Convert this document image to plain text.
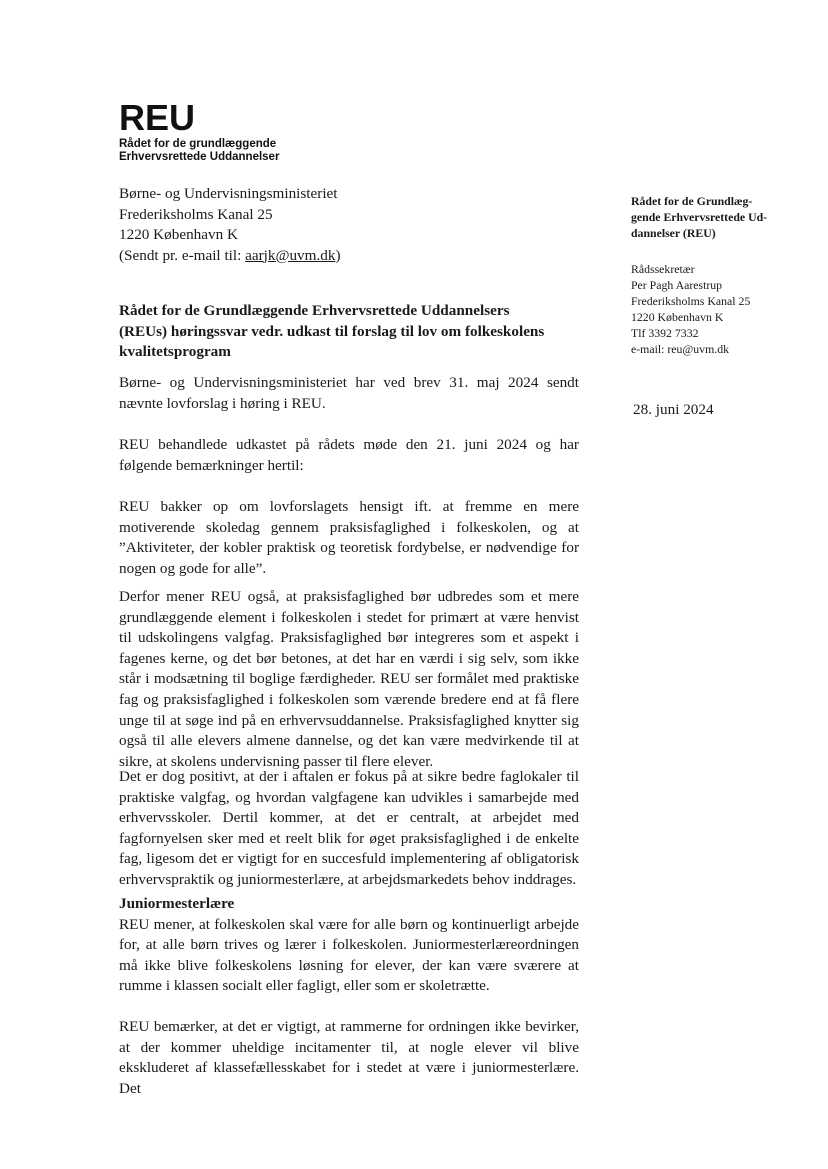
REU
Rådet for de grundlæggende
Erhvervsrettede Uddannelser
Børne- og Undervisningsministeriet
Frederiksholms Kanal 25
1220 København K
(Sendt pr. e-mail til: aarjk@uvm.dk)
Rådet for de Grundlæg-
gende Erhvervsrettede Ud-
dannelser (REU)
Rådssekretær
Per Pagh Aarestrup
Frederiksholms Kanal 25
1220 København K
Tlf 3392 7332
e-mail: reu@uvm.dk
28. juni 2024
Rådet for de Grundlæggende Erhvervsrettede Uddannelsers
(REUs) høringssvar vedr. udkast til forslag til lov om folkeskolens
kvalitetsprogram

Børne- og Undervisningsministeriet har ved brev 31. maj 2024 sendt nævnte lovforslag i høring i REU.

REU behandlede udkastet på rådets møde den 21. juni 2024 og har følgende bemærkninger hertil:

REU bakker op om lovforslagets hensigt ift. at fremme en mere motiverende skoledag gennem praksisfaglighed i folkeskolen, og at ”Aktiviteter, der kobler praktisk og teoretisk fordybelse, er nødvendige for nogen og gode for alle”.

Derfor mener REU også, at praksisfaglighed bør udbredes som et mere grundlæggende element i folkeskolen i stedet for primært at være henvist til udskolingens valgfag. Praksisfaglighed bør integreres som et aspekt i fagenes kerne, og det bør betones, at det har en værdi i sig selv, som ikke står i modsætning til boglige færdigheder. REU ser formålet med praktiske fag og praksisfaglighed i folkeskolen som værende bredere end at få flere unge til at søge ind på en erhvervsuddannelse. Praksisfaglighed knytter sig også til alle elevers almene dannelse, og det kan være medvirkende til at sikre, at skolens undervisning passer til flere elever.

Det er dog positivt, at der i aftalen er fokus på at sikre bedre faglokaler til praktiske valgfag, og hvordan valgfagene kan udvikles i samarbejde med erhvervsskoler. Dertil kommer, at det er centralt, at arbejdet med fagfornyelsen sker med et reelt blik for øget praksisfaglighed i de enkelte fag, ligesom det er vigtigt for en succesfuld implementering af obligatorisk erhvervspraktik og juniormesterlære, at arbejdsmarkedets behov inddrages.

Juniormesterlære

REU mener, at folkeskolen skal være for alle børn og kontinuerligt arbejde for, at alle børn trives og lærer i folkeskolen. Juniormesterlæreordningen må ikke blive folkeskolens løsning for elever, der kan være sværere at rumme i klassen socialt eller fagligt, eller som er skoletrætte.

REU bemærker, at det er vigtigt, at rammerne for ordningen ikke bevirker, at der kommer uheldige incitamenter til, at nogle elever vil blive ekskluderet af klassefællesskabet for i stedet at være i juniormesterlære. Det
